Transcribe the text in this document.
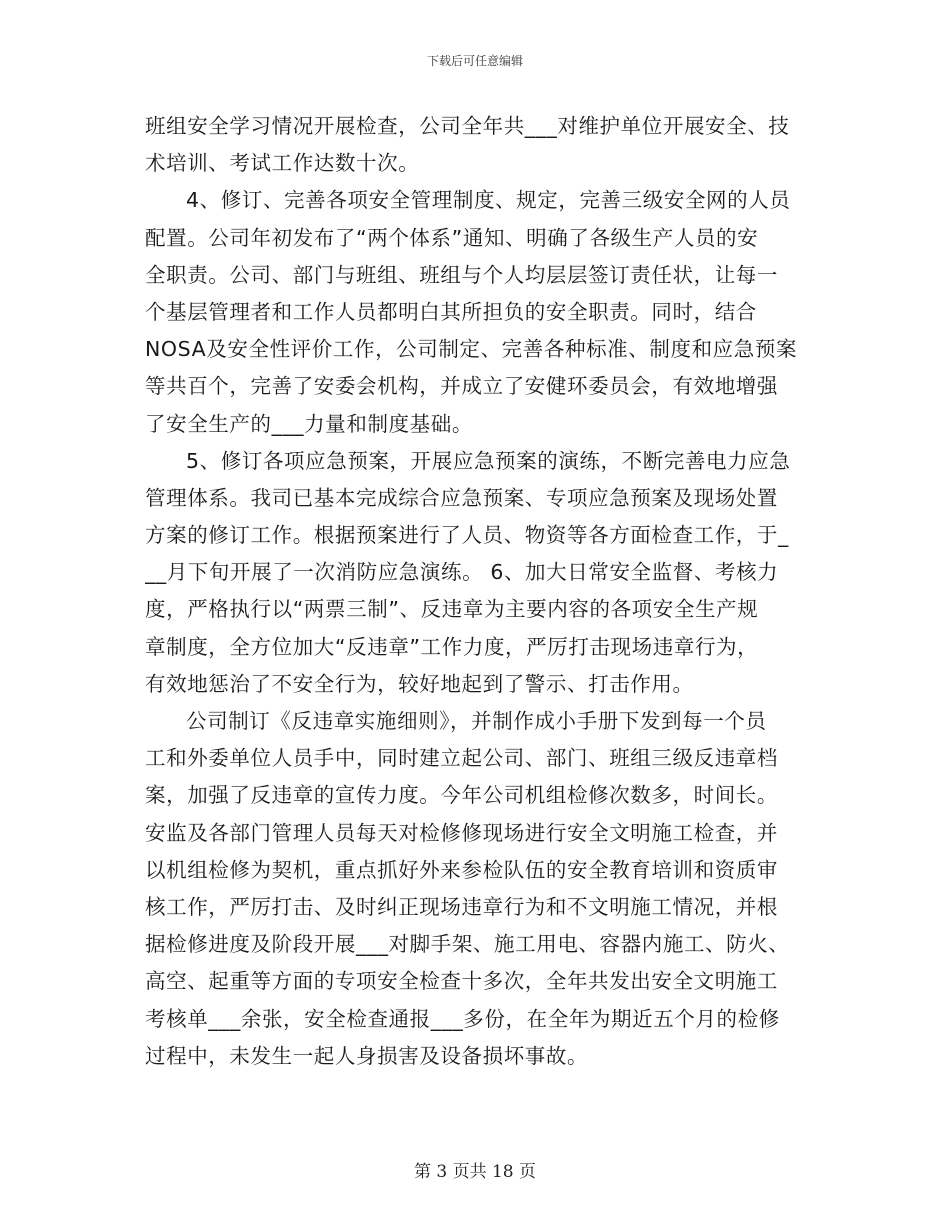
下载后可任意编辑
班组安全学习情况开展检查，公司全年共___对维护单位开展安全、技
术培训、考试工作达数十次。
4、修订、完善各项安全管理制度、规定，完善三级安全网的人员
配置。公司年初发布了“两个体系”通知、明确了各级生产人员的安
全职责。公司、部门与班组、班组与个人均层层签订责任状，让每一
个基层管理者和工作人员都明白其所担负的安全职责。同时，结合
NOSA及安全性评价工作，公司制定、完善各种标准、制度和应急预案
等共百个，完善了安委会机构，并成立了安健环委员会，有效地增强
了安全生产的___力量和制度基础。
5、修订各项应急预案，开展应急预案的演练，不断完善电力应急
管理体系。我司已基本完成综合应急预案、专项应急预案及现场处置
方案的修订工作。根据预案进行了人员、物资等各方面检查工作，于_
__月下旬开展了一次消防应急演练。 6、加大日常安全监督、考核力
度，严格执行以“两票三制”、反违章为主要内容的各项安全生产规
章制度，全方位加大“反违章”工作力度，严厉打击现场违章行为，
有效地惩治了不安全行为，较好地起到了警示、打击作用。
公司制订《反违章实施细则》，并制作成小手册下发到每一个员
工和外委单位人员手中，同时建立起公司、部门、班组三级反违章档
案，加强了反违章的宣传力度。今年公司机组检修次数多，时间长。
安监及各部门管理人员每天对检修修现场进行安全文明施工检查，并
以机组检修为契机，重点抓好外来参检队伍的安全教育培训和资质审
核工作，严厉打击、及时纠正现场违章行为和不文明施工情况，并根
据检修进度及阶段开展___对脚手架、施工用电、容器内施工、防火、
高空、起重等方面的专项安全检查十多次，全年共发出安全文明施工
考核单___余张，安全检查通报___多份，在全年为期近五个月的检修
过程中，未发生一起人身损害及设备损坏事故。
第 3 页共 18 页
